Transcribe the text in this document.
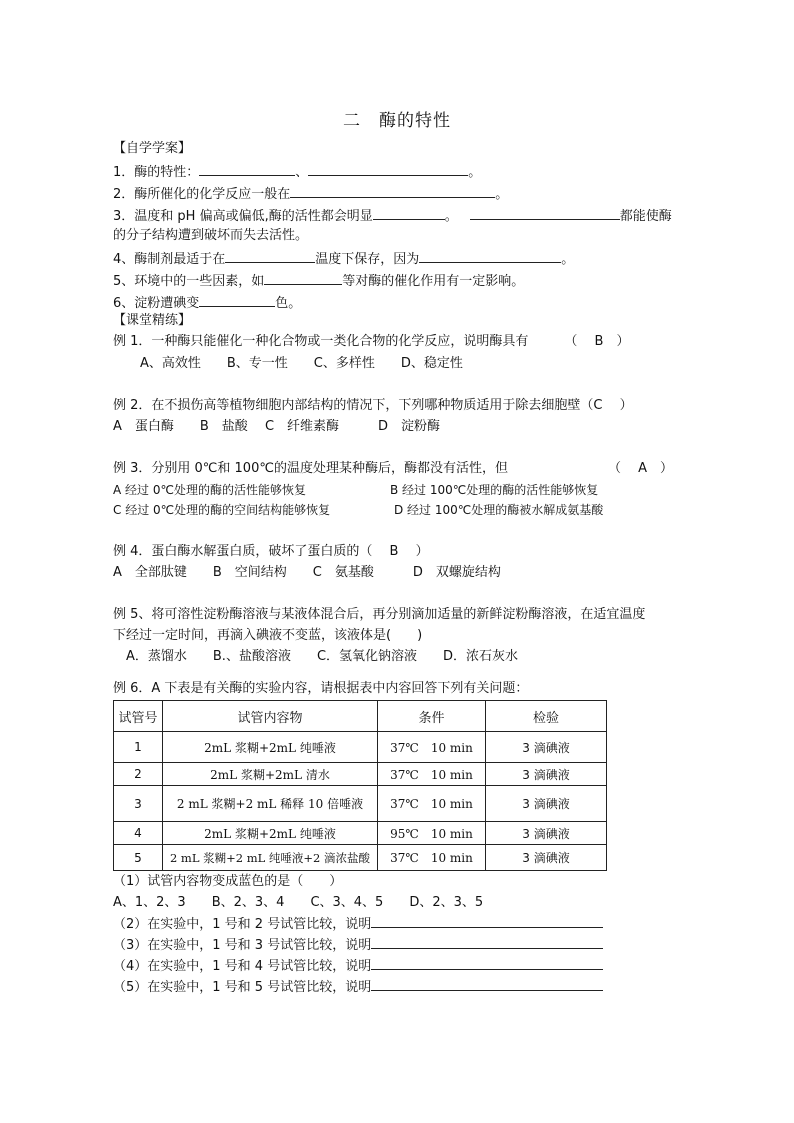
二 酶的特性
【自学学案】
1．酶的特性：	、	。
2．酶所催化的化学反应一般在	。
3．温度和 pH 偏高或偏低,酶的活性都会明显	。	都能使酶
的分子结构遭到破坏而失去活性。
4、酶制剂最适于在	温度下保存，因为	。
5、环境中的一些因素，如	等对酶的催化作用有一定影响。
6、淀粉遭碘变	色。
【课堂精练】
例 1．一种酶只能催化一种化合物或一类化合物的化学反应，说明酶具有	（　 B　）
A、高效性　　B、专一性　　C、多样性　　D、稳定性
例 2．在不损伤高等植物细胞内部结构的情况下，下列哪种物质适用于除去细胞壁（C　 ）
A　蛋白酶　　B　盐酸　 C　纤维素酶　　　D　淀粉酶
例 3．分别用 0℃和 100℃的温度处理某种酶后，酶都没有活性，但	（　 A　）
A 经过 0℃处理的酶的活性能够恢复	B 经过 100℃处理的酶的活性能够恢复
C 经过 0℃处理的酶的空间结构能够恢复	D 经过 100℃处理的酶被水解成氨基酸
例 4．蛋白酶水解蛋白质，破坏了蛋白质的（　 B　 ）
A　全部肽键　　B　空间结构　　C　氨基酸　　　D　双螺旋结构
例 5、将可溶性淀粉酶溶液与某液体混合后，再分别滴加适量的新鲜淀粉酶溶液，在适宜温度
下经过一定时间，再滴入碘液不变蓝，该液体是(　　)
A．蒸馏水　　B.、盐酸溶液　　C．氢氧化钠溶液　　D．浓石灰水
例 6．A 下表是有关酶的实验内容，请根据表中内容回答下列有关问题：
试管号	试管内容物	条件	检验
1	2mL 浆糊+2mL 纯唾液	37℃　10 min	3 滴碘液
2	2mL 浆糊+2mL 清水	37℃　10 min	3 滴碘液
3	2 mL 浆糊+2 mL 稀释 10 倍唾液	37℃　10 min	3 滴碘液
4	2mL 浆糊+2mL 纯唾液	95℃　10 min	3 滴碘液
5	2 mL 浆糊+2 mL 纯唾液+2 滴浓盐酸	37℃　10 min	3 滴碘液
（1）试管内容物变成蓝色的是（　　）
A、1、2、3　　B、2、3、4　　C、3、4、5　　D、2、3、5
（2）在实验中，1 号和 2 号试管比较，说明
（3）在实验中，1 号和 3 号试管比较，说明
（4）在实验中，1 号和 4 号试管比较，说明
（5）在实验中，1 号和 5 号试管比较，说明
